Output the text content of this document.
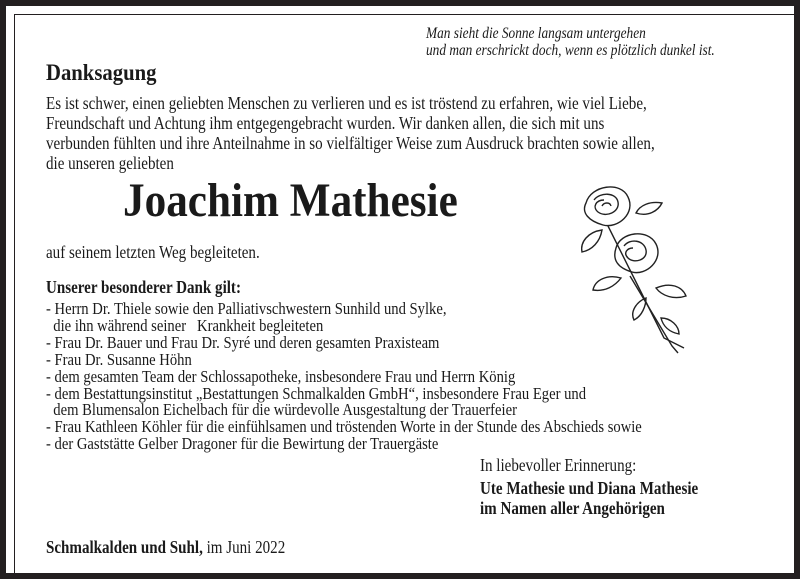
Man sieht die Sonne langsam untergehen
und man erschrickt doch, wenn es plötzlich dunkel ist.
Danksagung
Es ist schwer, einen geliebten Menschen zu verlieren und es ist tröstend zu erfahren, wie viel Liebe,
Freundschaft und Achtung ihm entgegengebracht wurden. Wir danken allen, die sich mit uns
verbunden fühlten und ihre Anteilnahme in so vielfältiger Weise zum Ausdruck brachten sowie allen,
die unseren geliebten
Joachim Mathesie
auf seinem letzten Weg begleiteten.
Unserer besonderer Dank gilt:
- Herrn Dr. Thiele sowie den Palliativschwestern Sunhild und Sylke,
die ihn während seiner   Krankheit begleiteten
- Frau Dr. Bauer und Frau Dr. Syré und deren gesamten Praxisteam
- Frau Dr. Susanne Höhn
- dem gesamten Team der Schlossapotheke, insbesondere Frau und Herrn König
- dem Bestattungsinstitut „Bestattungen Schmalkalden GmbH“, insbesondere Frau Eger und
dem Blumensalon Eichelbach für die würdevolle Ausgestaltung der Trauerfeier
- Frau Kathleen Köhler für die einfühlsamen und tröstenden Worte in der Stunde des Abschieds sowie
- der Gaststätte Gelber Dragoner für die Bewirtung der Trauergäste
In liebevoller Erinnerung:
Ute Mathesie und Diana Mathesie
im Namen aller Angehörigen
Schmalkalden und Suhl, im Juni 2022
